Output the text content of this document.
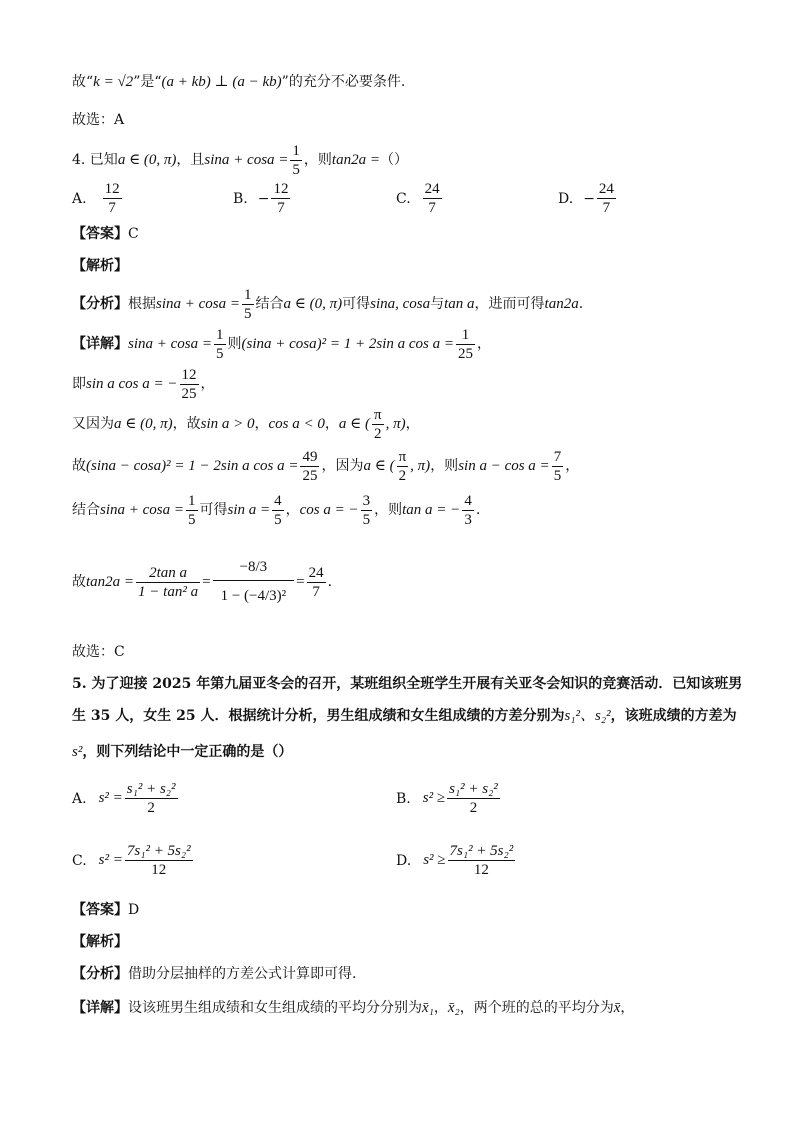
故“k = √2”是“(a + kb) ⊥ (a − kb)”的充分不必要条件.
故选：A
4. 已知 a ∈ (0, π) ，且 $\sin a + \cos a = \frac{1}{5}$ ，则 tan2a = （）
A. $\frac{12}{7}$	B. − $\frac{12}{7}$	C. $\frac{24}{7}$	D. − $\frac{24}{7}$
【答案】C
【解析】
【分析】 根据 $\sin a + \cos a = \frac{1}{5}$ 结合 a ∈ (0, π) 可得 sina, cosa 与 tan a ，进而可得 tan2a .
【详解】 $\sin a + \cos a = \frac{1}{5}$ 则 (sina + cosa)² = 1 + 2sin a $\cos a = \frac{1}{25}$ ，
即 sin a cos a = − $\frac{12}{25}$ ，
又因为 a ∈ (0, π) ，故 sin a > 0 ， cos a < 0 ， a ∈ ( $\frac{\pi}{2}$ , π) ，
故 (sina − cosa)² = 1 − 2sin a $\cos a = \frac{49}{25}$ ，因为 a ∈ ( $\frac{\pi}{2}$ , π) ，则 $\sin a - \cos a = \frac{7}{5}$ ，
结合 $\sin a + \cos a = \frac{1}{5}$ 可得 $\sin a = \frac{4}{5}$ ， cos a = − $\frac{3}{5}$ ，则 tan a = − $\frac{4}{3}$ .
故 $\tan 2a = \frac{\text{2tan a}}{\text{1 − tan² a}} = \frac{-8/3}{\text{1 − (−4/3)²}} = \frac{24}{7}$ .
故选：C
5. 为了迎接 2025 年第九届亚冬会的召开，某班组织全班学生开展有关亚冬会知识的竞赛活动．已知该班男
生 35 人，女生 25 人．根据统计分析，男生组成绩和女生组成绩的方差分别为s₁²、s₂²，该班成绩的方差为
s²，则下列结论中一定正确的是（）
A. $s^2 = \frac{\text{s₁² + s₂²}}{2}$	B. $s^2 \ge \frac{\text{s₁² + s₂²}}{2}$
C. $s^2 = \frac{\text{7s₁² + 5s₂²}}{12}$	D. $s^2 \ge \frac{\text{7s₁² + 5s₂²}}{12}$
【答案】D
【解析】
【分析】借助分层抽样的方差公式计算即可得.
【详解】设该班男生组成绩和女生组成绩的平均分分别为x̄₁，x̄₂，两个班的总的平均分为x̄，
